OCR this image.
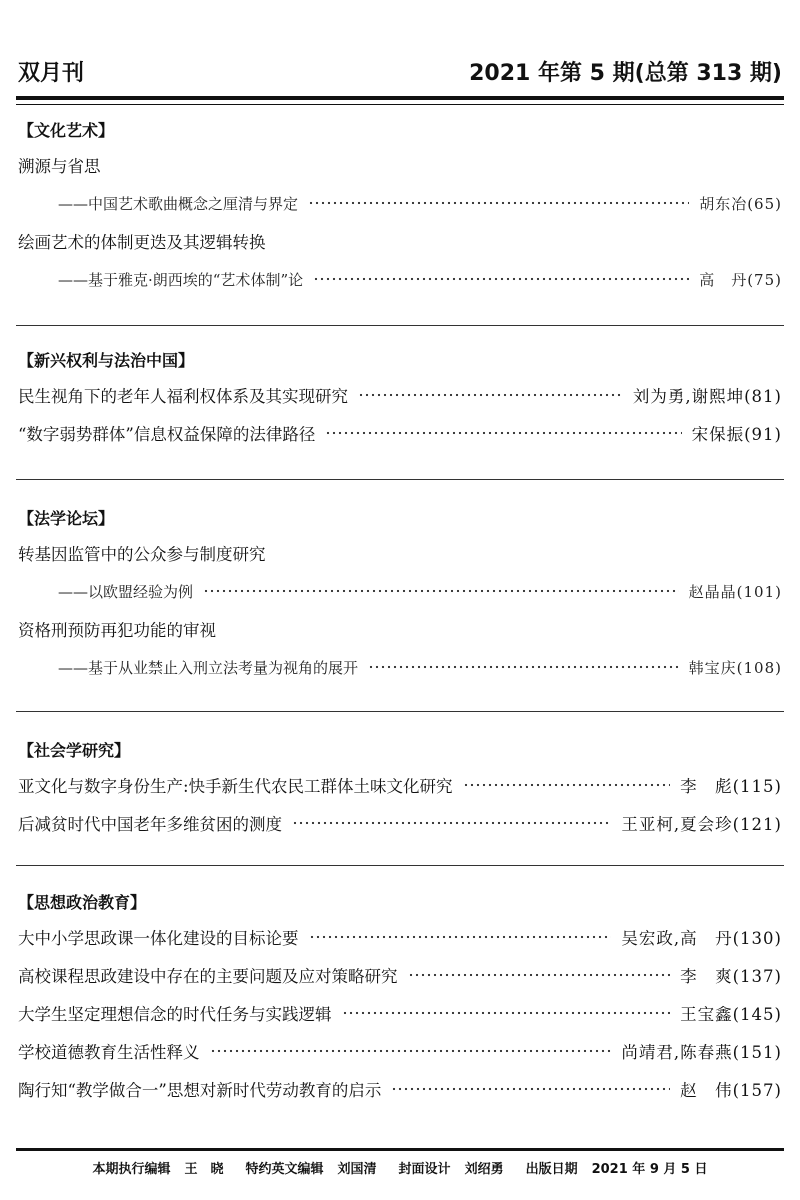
双月刊	2021 年第 5 期(总第 313 期)
【文化艺术】
溯源与省思
——中国艺术歌曲概念之厘清与界定	胡东冶(65)
绘画艺术的体制更迭及其逻辑转换
——基于雅克·朗西埃的“艺术体制”论	高　丹(75)
【新兴权利与法治中国】
民生视角下的老年人福利权体系及其实现研究	刘为勇,谢熙坤(81)
“数字弱势群体”信息权益保障的法律路径	宋保振(91)
【法学论坛】
转基因监管中的公众参与制度研究
——以欧盟经验为例	赵晶晶(101)
资格刑预防再犯功能的审视
——基于从业禁止入刑立法考量为视角的展开	韩宝庆(108)
【社会学研究】
亚文化与数字身份生产:快手新生代农民工群体土味文化研究	李　彪(115)
后减贫时代中国老年多维贫困的测度	王亚柯,夏会珍(121)
【思想政治教育】
大中小学思政课一体化建设的目标论要	吴宏政,高　丹(130)
高校课程思政建设中存在的主要问题及应对策略研究	李　爽(137)
大学生坚定理想信念的时代任务与实践逻辑	王宝鑫(145)
学校道德教育生活性释义	尚靖君,陈春燕(151)
陶行知“教学做合一”思想对新时代劳动教育的启示	赵　伟(157)
本期执行编辑 王　晓 特约英文编辑 刘国清 封面设计 刘绍勇 出版日期 2021 年 9 月 5 日
